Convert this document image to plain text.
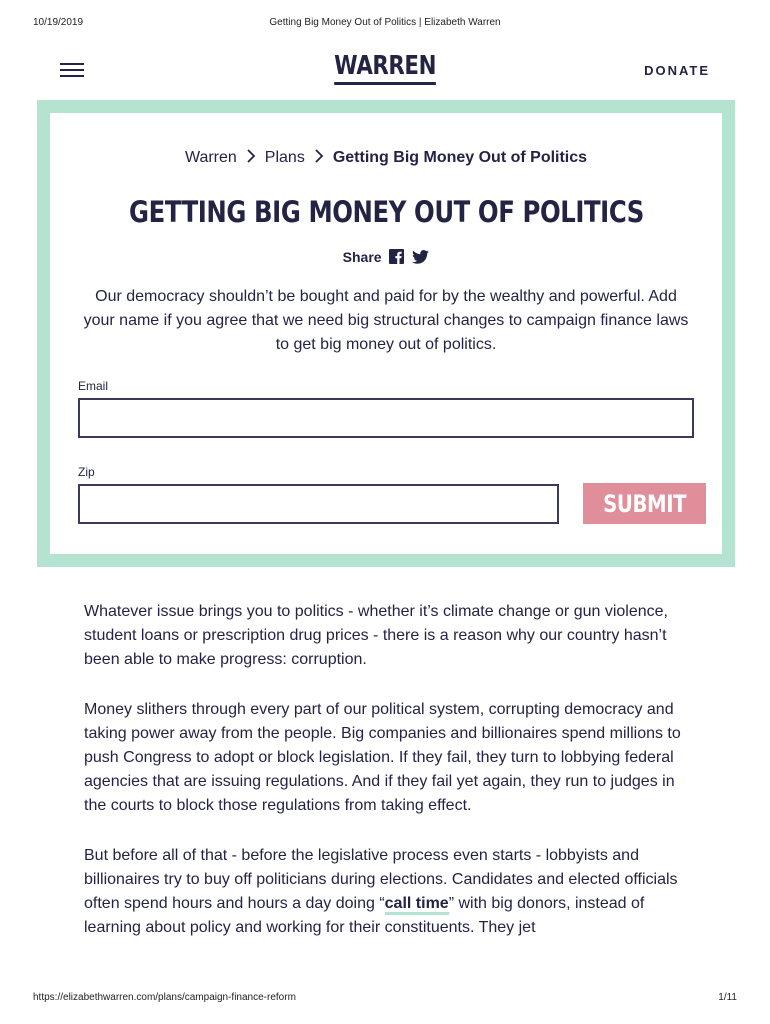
10/19/2019	Getting Big Money Out of Politics | Elizabeth Warren
WARREN	DONATE
Warren Plans Getting Big Money Out of Politics
GETTING BIG MONEY OUT OF POLITICS
Share

Our democracy shouldn’t be bought and paid for by the wealthy and powerful. Add your name if you agree that we need big structural changes to campaign finance laws to get big money out of politics.

Email
Zip
SUBMIT

Whatever issue brings you to politics - whether it’s climate change or gun violence, student loans or prescription drug prices - there is a reason why our country hasn’t been able to make progress: corruption.

Money slithers through every part of our political system, corrupting democracy and taking power away from the people. Big companies and billionaires spend millions to push Congress to adopt or block legislation. If they fail, they turn to lobbying federal agencies that are issuing regulations. And if they fail yet again, they run to judges in the courts to block those regulations from taking effect.

But before all of that - before the legislative process even starts - lobbyists and billionaires try to buy off politicians during elections. Candidates and elected officials often spend hours and hours a day doing “call time” with big donors, instead of learning about policy and working for their constituents. They jet

https://elizabethwarren.com/plans/campaign-finance-reform	1/11
